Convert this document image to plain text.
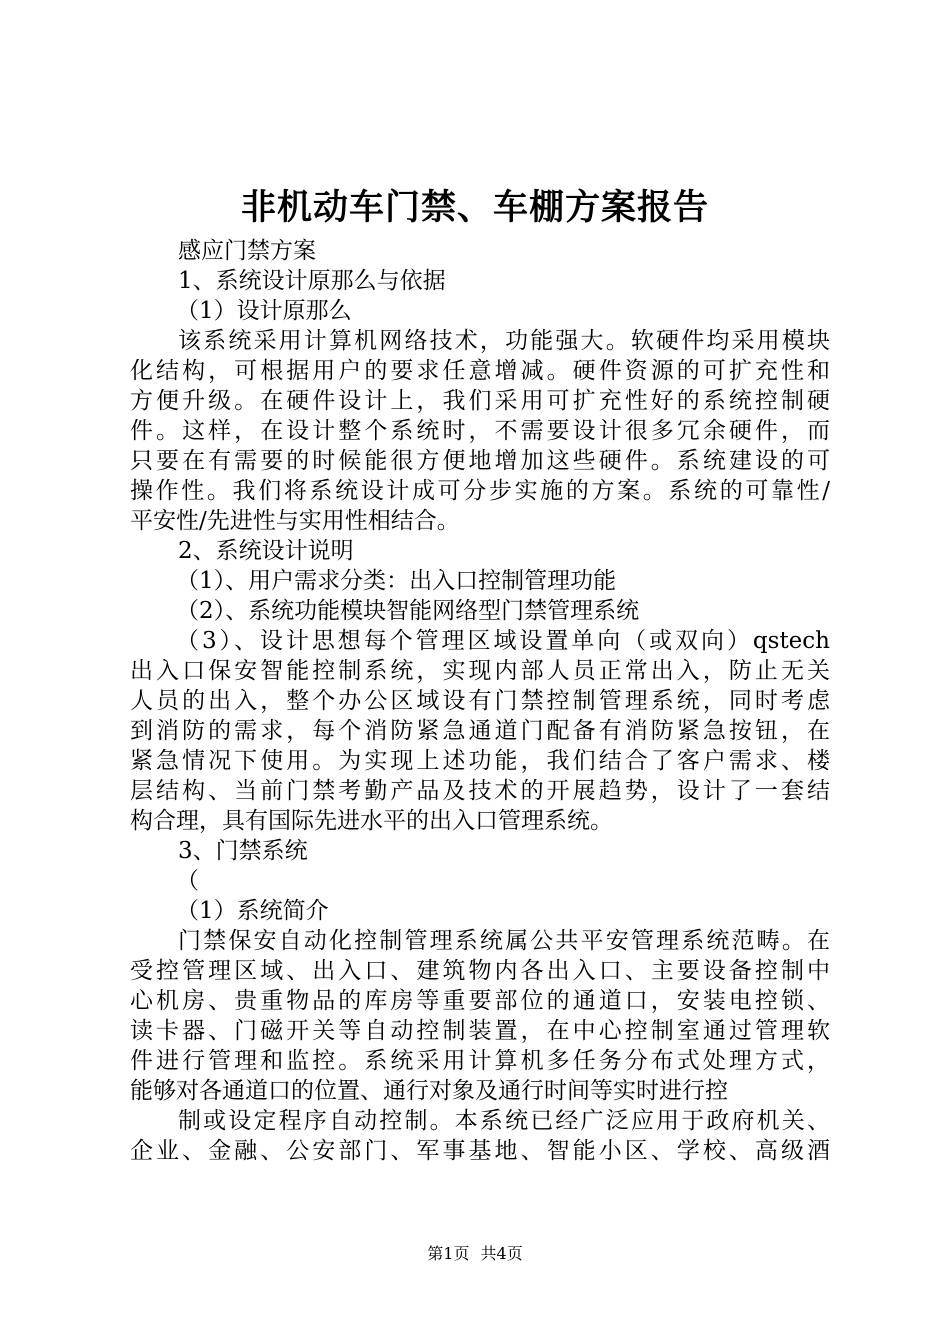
非机动车门禁、车棚方案报告

感应门禁方案

1、系统设计原那么与依据

（1）设计原那么

该系统采用计算机网络技术，功能强大。软硬件均采用模块

化结构，可根据用户的要求任意增减。硬件资源的可扩充性和

方便升级。在硬件设计上，我们采用可扩充性好的系统控制硬

件。这样，在设计整个系统时，不需要设计很多冗余硬件，而

只要在有需要的时候能很方便地增加这些硬件。系统建设的可

操作性。我们将系统设计成可分步实施的方案。系统的可靠性/

平安性/先进性与实用性相结合。

2、系统设计说明

（1）、用户需求分类：出入口控制管理功能

（2）、系统功能模块智能网络型门禁管理系统

（3）、设计思想每个管理区域设置单向（或双向）qstech

出入口保安智能控制系统，实现内部人员正常出入，防止无关

人员的出入，整个办公区域设有门禁控制管理系统，同时考虑

到消防的需求，每个消防紧急通道门配备有消防紧急按钮，在

紧急情况下使用。为实现上述功能，我们结合了客户需求、楼

层结构、当前门禁考勤产品及技术的开展趋势，设计了一套结

构合理，具有国际先进水平的出入口管理系统。

3、门禁系统

（

（1）系统简介

门禁保安自动化控制管理系统属公共平安管理系统范畴。在

受控管理区域、出入口、建筑物内各出入口、主要设备控制中

心机房、贵重物品的库房等重要部位的通道口，安装电控锁、

读卡器、门磁开关等自动控制装置，在中心控制室通过管理软

件进行管理和监控。系统采用计算机多任务分布式处理方式，

能够对各通道口的位置、通行对象及通行时间等实时进行控

制或设定程序自动控制。本系统已经广泛应用于政府机关、

企业、金融、公安部门、军事基地、智能小区、学校、高级酒

第1页 共4页
